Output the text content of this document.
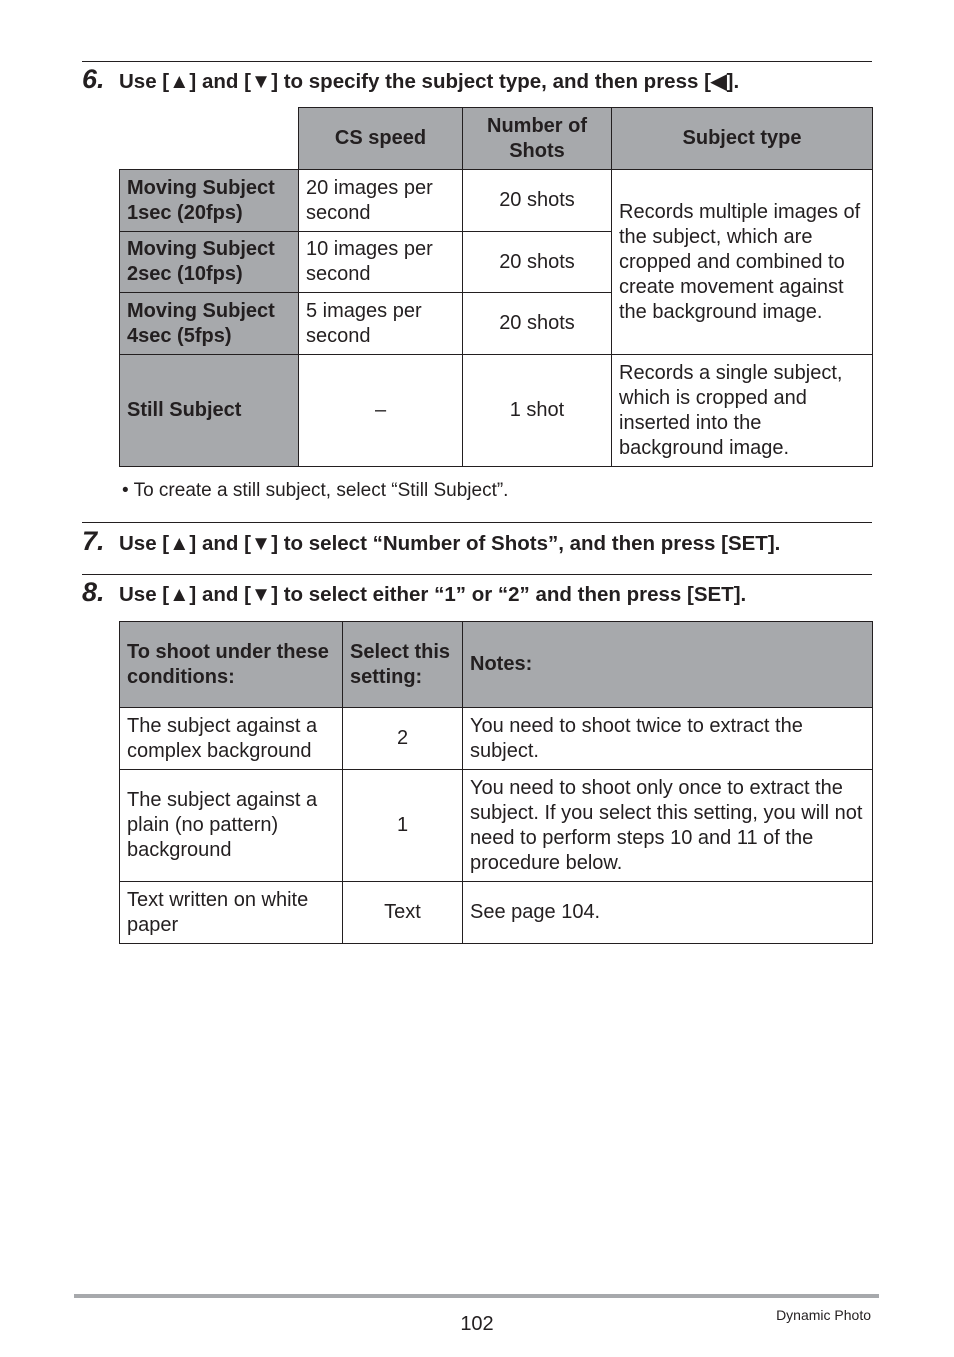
6. Use [▲] and [▼] to specify the subject type, and then press [◀].
	CS speed	Number of Shots	Subject type
Moving Subject 1sec (20fps)	20 images per second	20 shots	Records multiple images of the subject, which are cropped and combined to create movement against the background image.
Moving Subject 2sec (10fps)	10 images per second	20 shots	
Moving Subject 4sec (5fps)	5 images per second	20 shots	
Still Subject	–	1 shot	Records a single subject, which is cropped and inserted into the background image.
• To create a still subject, select “Still Subject”.
7. Use [▲] and [▼] to select “Number of Shots”, and then press [SET].
8. Use [▲] and [▼] to select either “1” or “2” and then press [SET].
To shoot under these conditions:	Select this setting:	Notes:
The subject against a complex background	2	You need to shoot twice to extract the subject.
The subject against a plain (no pattern) background	1	You need to shoot only once to extract the subject. If you select this setting, you will not need to perform steps 10 and 11 of the procedure below.
Text written on white paper	Text	See page 104.
102	Dynamic Photo
